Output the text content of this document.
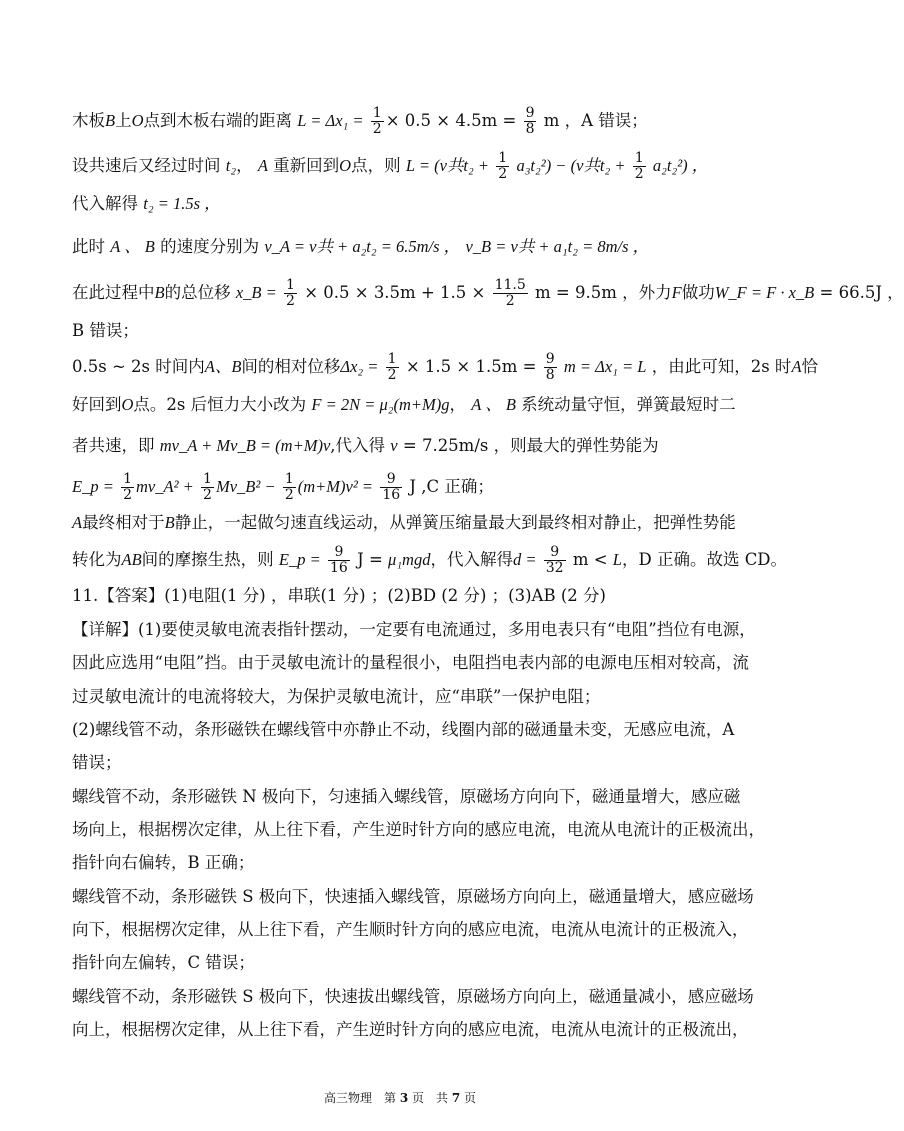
木板B上O点到木板右端的距离 $L = \Delta x_1 = \frac{1}{2} \times 0.5 \times 4.5m = \frac{9}{8}$ m ，A 错误；
设共速后又经过时间 t₂， A 重新回到O点，则 L = (v共$t_2 + \frac{1}{2} a_3t_2^2) - (v$共$t_2 + \frac{1}{2} a_2t_2^2$) ，
代入解得 t₂ = 1.5s ，
此时 A 、 B 的速度分别为 v_A = v共 + a₂t₂ = 6.5m/s ， v_B = v共 + a₁t₂ = 8m/s ，
在此过程中B的总位移 x_B = $\frac{1}{2} \times 0.5 \times 3.5m + 1.5 \times \frac{11.5}{2}$ m = 9.5m ，外力F做功W_F = F · x_B = 66.5J ，
B 错误；
0.5s ~ 2s 时间内A、B间的相对位移$\Delta x_2 = \frac{1}{2} \times 1.5 \times 1.5m = \frac{9}{8}$ m = Δx₁ = L ，由此可知，2s 时A恰
好回到O点。2s 后恒力大小改为 F = 2N = μ₂(m+M)g， A 、 B 系统动量守恒，弹簧最短时二
者共速，即 mv_A + Mv_B = (m+M)v,代入得 v = 7.25m/s ，则最大的弹性势能为
E_p = $\frac{1}{2}$ mv_A² + $\frac{1}{2}$ Mv_B² − $\frac{1}{2} (m+M)v^2 = \frac{9}{16}$ J ,C 正确；
A最终相对于B静止，一起做匀速直线运动，从弹簧压缩量最大到最终相对静止，把弹性势能
转化为AB间的摩擦生热，则 E_p = $\frac{9}{16}$ J = μ₁mgd，代入解得$d = \frac{9}{32}$ m < L，D 正确。故选 CD。
11.【答案】(1)电阻(1 分) ，串联(1 分) ；(2)BD (2 分) ；(3)AB (2 分)
【详解】(1)要使灵敏电流表指针摆动，一定要有电流通过，多用电表只有“电阻”挡位有电源，
因此应选用“电阻”挡。由于灵敏电流计的量程很小，电阻挡电表内部的电源电压相对较高，流
过灵敏电流计的电流将较大，为保护灵敏电流计，应“串联”一保护电阻；
(2)螺线管不动，条形磁铁在螺线管中亦静止不动，线圈内部的磁通量未变，无感应电流，A
错误；
螺线管不动，条形磁铁 N 极向下，匀速插入螺线管，原磁场方向向下，磁通量增大，感应磁
场向上，根据楞次定律，从上往下看，产生逆时针方向的感应电流，电流从电流计的正极流出，
指针向右偏转，B 正确；
螺线管不动，条形磁铁 S 极向下，快速插入螺线管，原磁场方向向上，磁通量增大，感应磁场
向下，根据楞次定律，从上往下看，产生顺时针方向的感应电流，电流从电流计的正极流入，
指针向左偏转，C 错误；
螺线管不动，条形磁铁 S 极向下，快速拔出螺线管，原磁场方向向上，磁通量减小，感应磁场
向上，根据楞次定律，从上往下看，产生逆时针方向的感应电流，电流从电流计的正极流出，
高三物理　第 3 页　共 7 页
